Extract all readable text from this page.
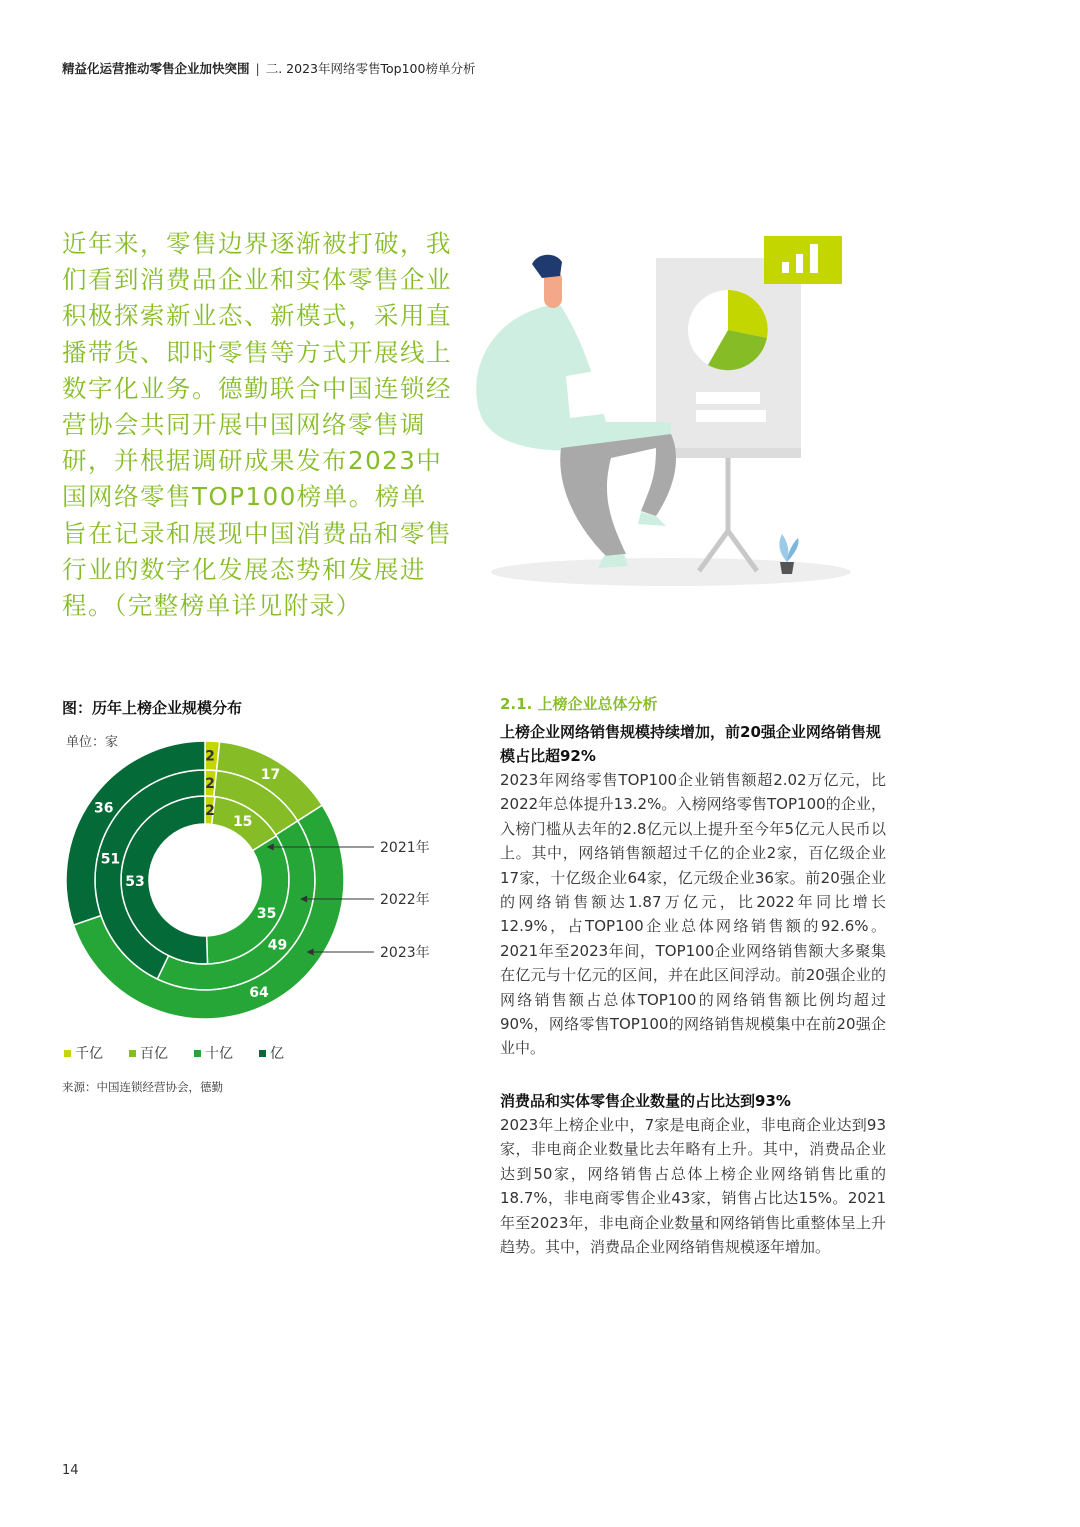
精益化运营推动零售企业加快突围 | 二. 2023年网络零售Top100榜单分析
近年来，零售边界逐渐被打破，我们看到消费品企业和实体零售企业积极探索新业态、新模式，采用直播带货、即时零售等方式开展线上数字化业务。德勤联合中国连锁经营协会共同开展中国网络零售调研，并根据调研成果发布2023中国网络零售TOP100榜单。榜单旨在记录和展现中国消费品和零售行业的数字化发展态势和发展进程。（完整榜单详见附录）
图：历年上榜企业规模分布
单位：家
2
15
35
53
2
49
51
2
17
64
36
2021年
2022年
2023年
千亿	百亿	十亿	亿
来源：中国连锁经营协会，德勤
2.1. 上榜企业总体分析
上榜企业网络销售规模持续增加，前20强企业网络销售规模占比超92%
2023年网络零售TOP100企业销售额超2.02万亿元，比2022年总体提升13.2%。入榜网络零售TOP100的企业，入榜门槛从去年的2.8亿元以上提升至今年5亿元人民币以上。其中，网络销售额超过千亿的企业2家，百亿级企业17家，十亿级企业64家，亿元级企业36家。前20强企业的网络销售额达1.87万亿元，比2022年同比增长12.9%，占TOP100企业总体网络销售额的92.6%。2021年至2023年间，TOP100企业网络销售额大多聚集在亿元与十亿元的区间，并在此区间浮动。前20强企业的网络销售额占总体TOP100的网络销售额比例均超过90%，网络零售TOP100的网络销售规模集中在前20强企业中。
消费品和实体零售企业数量的占比达到93%
2023年上榜企业中，7家是电商企业，非电商企业达到93家，非电商企业数量比去年略有上升。其中，消费品企业达到50家，网络销售占总体上榜企业网络销售比重的18.7%，非电商零售企业43家，销售占比达15%。2021年至2023年，非电商企业数量和网络销售比重整体呈上升趋势。其中，消费品企业网络销售规模逐年增加。
14
